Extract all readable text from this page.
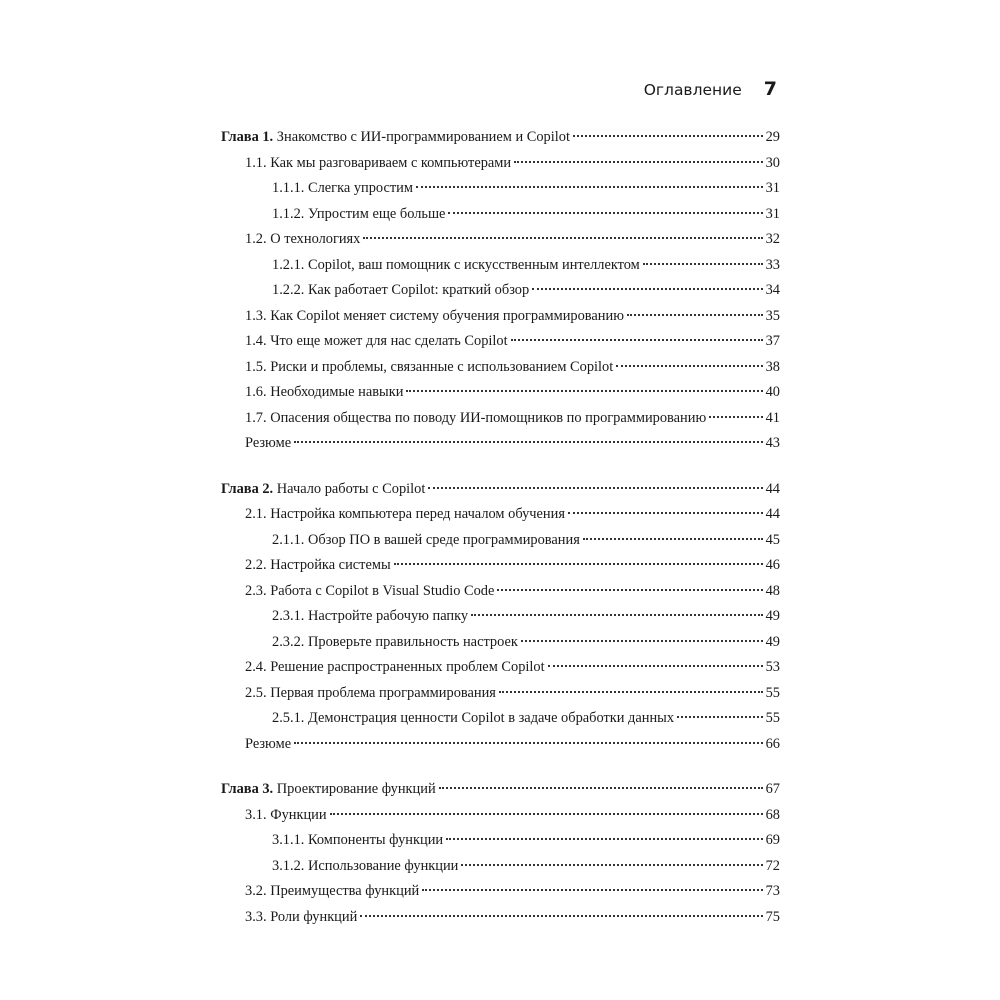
Оглавление 7
Глава 1. Знакомство с ИИ-программированием и Copilot	29
1.1. Как мы разговариваем с компьютерами	30
1.1.1. Слегка упростим	31
1.1.2. Упростим еще больше	31
1.2. О технологиях	32
1.2.1. Copilot, ваш помощник с искусственным интеллектом	33
1.2.2. Как работает Copilot: краткий обзор	34
1.3. Как Copilot меняет систему обучения программированию	35
1.4. Что еще может для нас сделать Copilot	37
1.5. Риски и проблемы, связанные с использованием Copilot	38
1.6. Необходимые навыки	40
1.7. Опасения общества по поводу ИИ-помощников по программированию	41
Резюме	43
Глава 2. Начало работы с Copilot	44
2.1. Настройка компьютера перед началом обучения	44
2.1.1. Обзор ПО в вашей среде программирования	45
2.2. Настройка системы	46
2.3. Работа с Copilot в Visual Studio Code	48
2.3.1. Настройте рабочую папку	49
2.3.2. Проверьте правильность настроек	49
2.4. Решение распространенных проблем Copilot	53
2.5. Первая проблема программирования	55
2.5.1. Демонстрация ценности Copilot в задаче обработки данных	55
Резюме	66
Глава 3. Проектирование функций	67
3.1. Функции	68
3.1.1. Компоненты функции	69
3.1.2. Использование функции	72
3.2. Преимущества функций	73
3.3. Роли функций	75
